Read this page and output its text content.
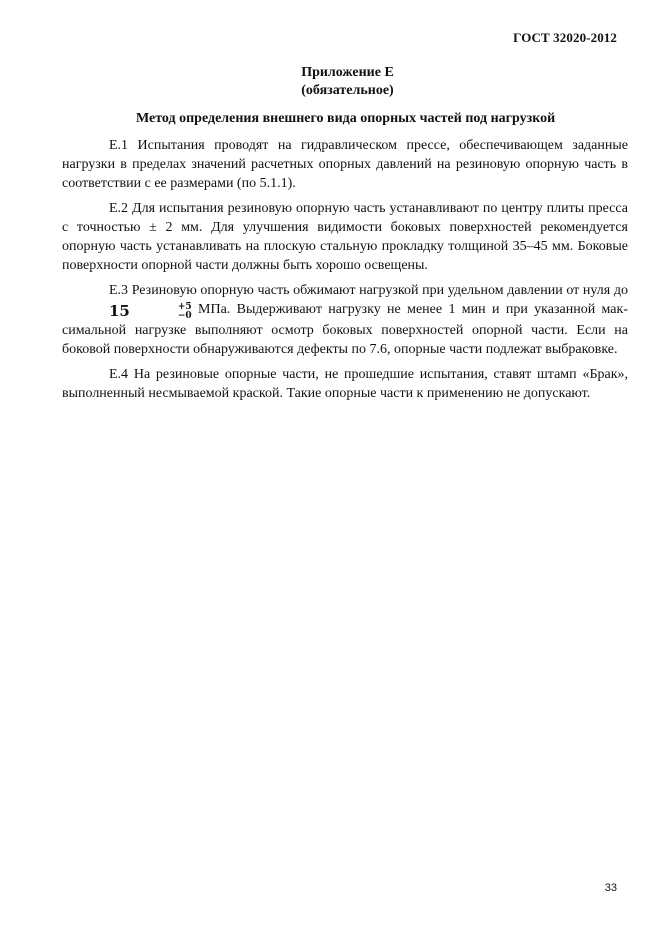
ГОСТ 32020-2012
Приложение Е
(обязательное)
Метод определения внешнего вида опорных частей под нагрузкой

Е.1 Испытания проводят на гидравлическом прессе, обеспечивающем заданные нагрузки в пределах значений расчетных опорных давлений на резиновую опорную часть в соответствии с ее размерами (по 5.1.1).

Е.2 Для испытания резиновую опорную часть устанавливают по центру плиты пресса с точностью ± 2 мм. Для улучшения видимости боковых поверхностей рекомендуется опорную часть устанавливать на плоскую стальную прокладку толщиной 35–45 мм. Боковые поверхности опорной части должны быть хорошо освещены.

Е.3 Резиновую опорную часть обжимают нагрузкой при удельном давлении от нуля до
15	+5
−0 МПа. Выдерживают нагрузку не менее 1 мин и при указанной максимальной нагрузке выполняют осмотр боковых поверхностей опорной части. Если на боковой поверхности обнаруживаются дефекты по 7.6, опорные части подлежат выбраковке.

Е.4 На резиновые опорные части, не прошедшие испытания, ставят штамп «Брак», выполненный несмываемой краской. Такие опорные части к применению не допускают.

33
